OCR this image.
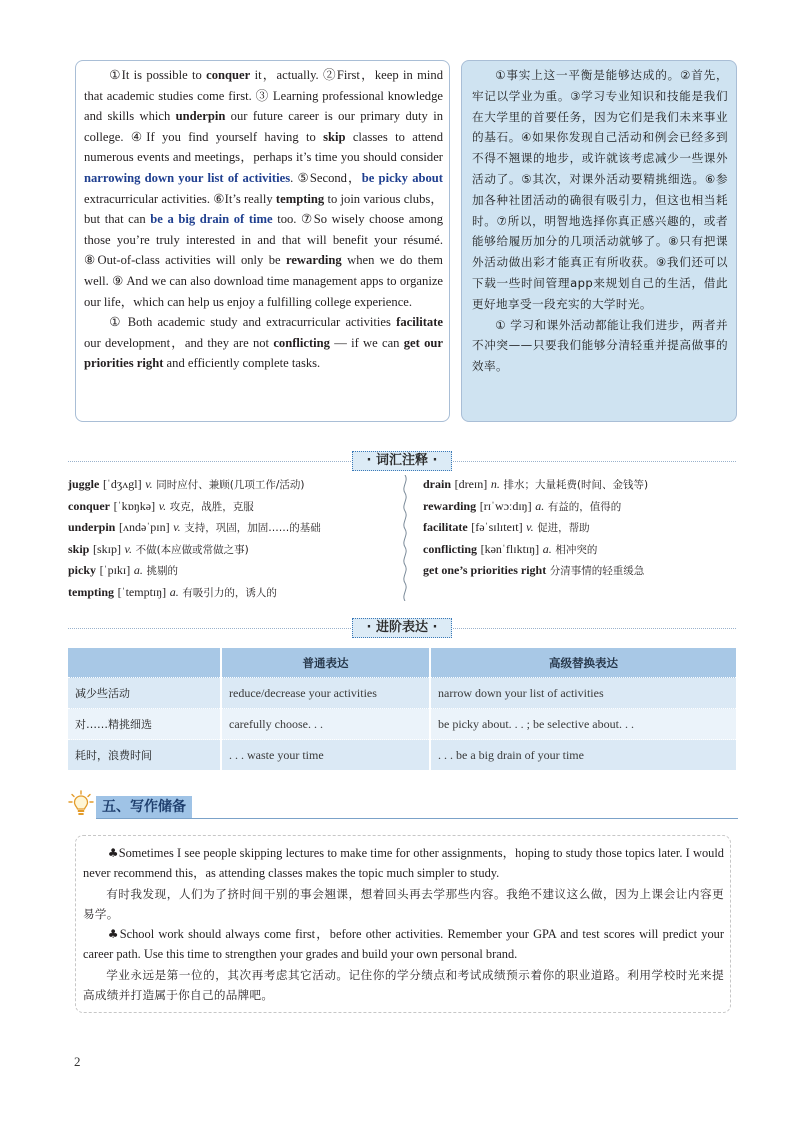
①It is possible to conquer it，actually. ②First，keep in mind that academic studies come first. ③ Learning professional knowledge and skills which underpin our future career is our primary duty in college. ④If you find yourself having to skip classes to attend numerous events and meetings，perhaps it’s time you should consider narrowing down your list of activities. ⑤Second，be picky about extracurricular activities. ⑥It’s really tempting to join various clubs，but that can be a big drain of time too. ⑦So wisely choose among those you’re truly interested in and that will benefit your résumé. ⑧Out-of-class activities will only be rewarding when we do them well. ⑨ And we can also download time management apps to organize our life，which can help us enjoy a fulfilling college experience.

① Both academic study and extracurricular activities facilitate our development，and they are not conflicting — if we can get our priorities right and efficiently complete tasks.

①事实上这一平衡是能够达成的。②首先，牢记以学业为重。③学习专业知识和技能是我们在大学里的首要任务，因为它们是我们未来事业的基石。④如果你发现自己活动和例会已经多到不得不翘课的地步，或许就该考虑减少一些课外活动了。⑤其次，对课外活动要精挑细选。⑥参加各种社团活动的确很有吸引力，但这也相当耗时。⑦所以，明智地选择你真正感兴趣的，或者能够给履历加分的几项活动就够了。⑧只有把课外活动做出彩才能真正有所收获。⑨我们还可以下载一些时间管理app来规划自己的生活，借此更好地享受一段充实的大学时光。

① 学习和课外活动都能让我们进步，两者并不冲突——只要我们能够分清轻重并提高做事的效率。

· 词汇注释 ·
juggle [ˈdʒʌgl] v. 同时应付、兼顾(几项工作/活动)
conquer [ˈkɒŋkə] v. 攻克，战胜，克服
underpin [ʌndəˈpɪn] v. 支持，巩固，加固……的基础
skip [skɪp] v. 不做(本应做或常做之事)
picky [ˈpɪkɪ] a. 挑剔的
tempting [ˈtemptɪŋ] a. 有吸引力的，诱人的
drain [dreɪn] n. 排水；大量耗费(时间、金钱等)
rewarding [rɪˈwɔːdɪŋ] a. 有益的，值得的
facilitate [fəˈsɪlɪteɪt] v. 促进，帮助
conflicting [kənˈflɪktɪŋ] a. 相冲突的
get one’s priorities right 分清事情的轻重缓急
· 进阶表达 ·
	普通表达	高级替换表达
减少些活动	reduce/decrease your activities	narrow down your list of activities
对……精挑细选	carefully choose. . .	be picky about. . . ; be selective about. . .
耗时，浪费时间	. . . waste your time	. . . be a big drain of your time
五、写作储备

♣Sometimes I see people skipping lectures to make time for other assignments，hoping to study those topics later. I would never recommend this，as attending classes makes the topic much simpler to study.

有时我发现，人们为了挤时间干别的事会翘课，想着回头再去学那些内容。我绝不建议这么做，因为上课会让内容更易学。

♣School work should always come first，before other activities. Remember your GPA and test scores will predict your career path. Use this time to strengthen your grades and build your own personal brand.

学业永远是第一位的，其次再考虑其它活动。记住你的学分绩点和考试成绩预示着你的职业道路。利用学校时光来提高成绩并打造属于你自己的品牌吧。

2
